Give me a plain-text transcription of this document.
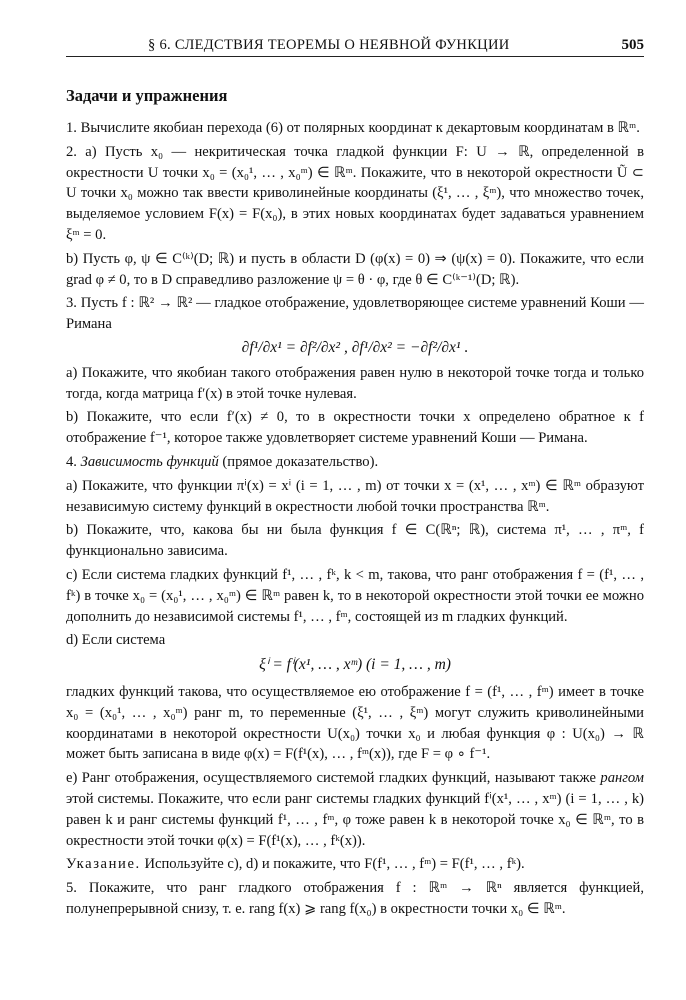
§ 6. СЛЕДСТВИЯ ТЕОРЕМЫ О НЕЯВНОЙ ФУНКЦИИ	505
Задачи и упражнения

1. Вычислите якобиан перехода (6) от полярных координат к декартовым координатам в ℝᵐ.

2. a) Пусть x₀ — некритическая точка гладкой функции F: U → ℝ, определенной в окрестности U точки x₀ = (x₀¹, … , x₀ᵐ) ∈ ℝᵐ. Покажите, что в некоторой окрестности Ũ ⊂ U точки x₀ можно так ввести криволинейные координаты (ξ¹, … , ξᵐ), что множество точек, выделяемое условием F(x) = F(x₀), в этих новых координатах будет задаваться уравнением ξᵐ = 0.

b) Пусть φ, ψ ∈ C⁽ᵏ⁾(D; ℝ) и пусть в области D (φ(x) = 0) ⇒ (ψ(x) = 0). Покажите, что если grad φ ≠ 0, то в D справедливо разложение ψ = θ · φ, где θ ∈ C⁽ᵏ⁻¹⁾(D; ℝ).

3. Пусть f : ℝ² → ℝ² — гладкое отображение, удовлетворяющее системе уравнений Коши — Римана

∂f¹/∂x¹ = ∂f²/∂x² , ∂f¹/∂x² = −∂f²/∂x¹ .

a) Покажите, что якобиан такого отображения равен нулю в некоторой точке тогда и только тогда, когда матрица f′(x) в этой точке нулевая.

b) Покажите, что если f′(x) ≠ 0, то в окрестности точки x определено обратное к f отображение f⁻¹, которое также удовлетворяет системе уравнений Коши — Римана.

4. Зависимость функций (прямое доказательство).

a) Покажите, что функции πⁱ(x) = xⁱ (i = 1, … , m) от точки x = (x¹, … , xᵐ) ∈ ℝᵐ образуют независимую систему функций в окрестности любой точки пространства ℝᵐ.

b) Покажите, что, какова бы ни была функция f ∈ C(ℝⁿ; ℝ), система π¹, … , πᵐ, f функционально зависима.

c) Если система гладких функций f¹, … , fᵏ, k < m, такова, что ранг отображения f = (f¹, … , fᵏ) в точке x₀ = (x₀¹, … , x₀ᵐ) ∈ ℝᵐ равен k, то в некоторой окрестности этой точки ее можно дополнить до независимой системы f¹, … , fᵐ, состоящей из m гладких функций.

d) Если система

ξⁱ = fⁱ(x¹, … , xᵐ) (i = 1, … , m)

гладких функций такова, что осуществляемое ею отображение f = (f¹, … , fᵐ) имеет в точке x₀ = (x₀¹, … , x₀ᵐ) ранг m, то переменные (ξ¹, … , ξᵐ) могут служить криволинейными координатами в некоторой окрестности U(x₀) точки x₀ и любая функция φ : U(x₀) → ℝ может быть записана в виде φ(x) = F(f¹(x), … , fᵐ(x)), где F = φ ∘ f⁻¹.

e) Ранг отображения, осуществляемого системой гладких функций, называют также рангом этой системы. Покажите, что если ранг системы гладких функций fⁱ(x¹, … , xᵐ) (i = 1, … , k) равен k и ранг системы функций f¹, … , fᵐ, φ тоже равен k в некоторой точке x₀ ∈ ℝᵐ, то в окрестности этой точки φ(x) = F(f¹(x), … , fᵏ(x)).

Указание. Используйте c), d) и покажите, что F(f¹, … , fᵐ) = F(f¹, … , fᵏ).

5. Покажите, что ранг гладкого отображения f : ℝᵐ → ℝⁿ является функцией, полунепрерывной снизу, т. е. rang f(x) ⩾ rang f(x₀) в окрестности точки x₀ ∈ ℝᵐ.
